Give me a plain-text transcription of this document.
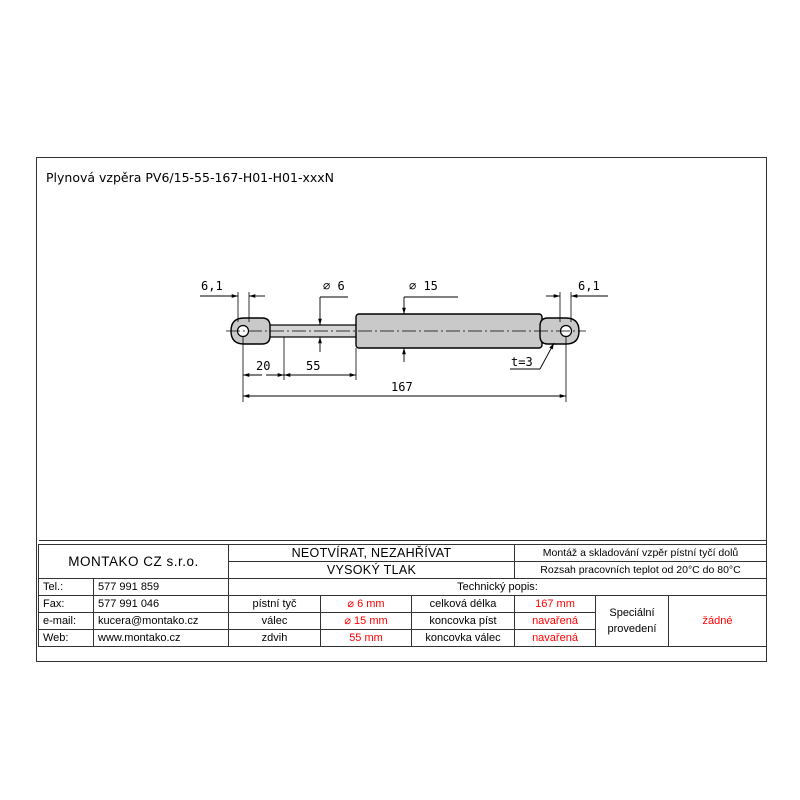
Plynová vzpěra PV6/15-55-167-H01-H01-xxxN
6,1	⌀ 6	⌀ 15	6,1
20	55
167
t=3

MONTAKO CZ s.r.o.		NEOTVÍRAT, NEZAHŘÍVAT			Montáž a skladování vzpěr pístní tyčí dolů		
		VYSOKÝ TLAK			Rozsah pracovních teplot od 20°C do 80°C		
Tel.:	577 991 859	Technický popis:					
Fax:	577 991 046	pístní tyč	⌀ 6 mm	celková délka	167 mm	Speciální provedení	žádné
e-mail:	kucera@montako.cz	válec	⌀ 15 mm	koncovka píst	navařená		
Web:	www.montako.cz	zdvih	55 mm	koncovka válec	navařená		
